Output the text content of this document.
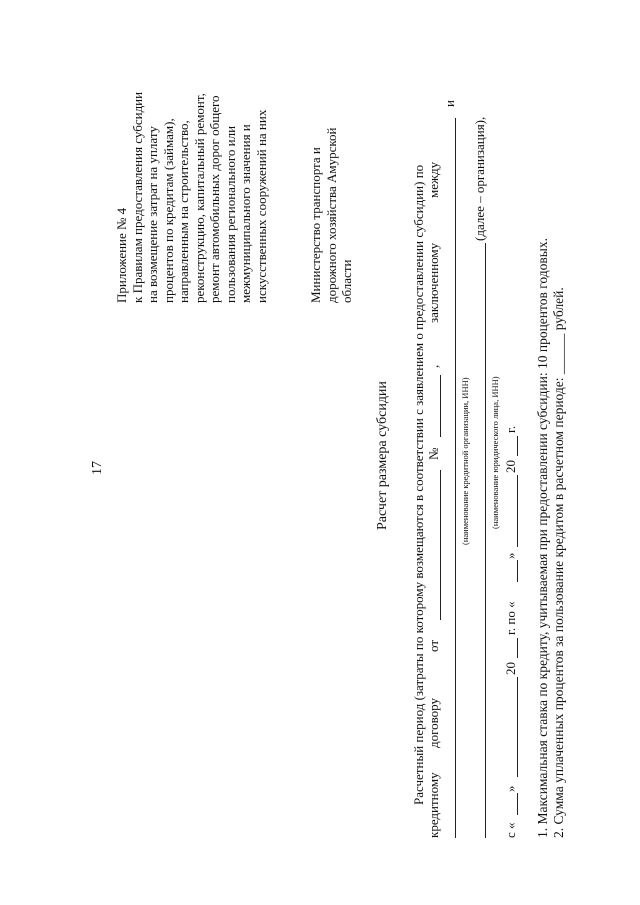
17
Приложение № 4 к Правилам предоставления субсидии на возмещение затрат на уплату процентов по кредитам (займам), направленным на строительство, реконструкцию, капитальный ремонт, ремонт автомобильных дорог общего пользования регионального или межмуниципального значения и искусственных сооружений на них	Министерство транспорта и дорожного хозяйства Амурской области
Расчет размера субсидии Расчетный период (затраты по которому возмещаются в соответствии с заявлением о предоставлении субсидии) по
кредитному
договору
от
№
,
заключенному
между
и
(наименование кредитной организации, ИНН)
(далее – организация),
(наименование юридического лица, ИНН)
с «
»
20
г. по «
»
20
г. 1. Максимальная ставка по кредиту, учитываемая при предоставлении субсидии: 10 процентов годовых. 2. Сумма уплаченных процентов за пользование кредитом в расчетном периоде: ______ рублей.
